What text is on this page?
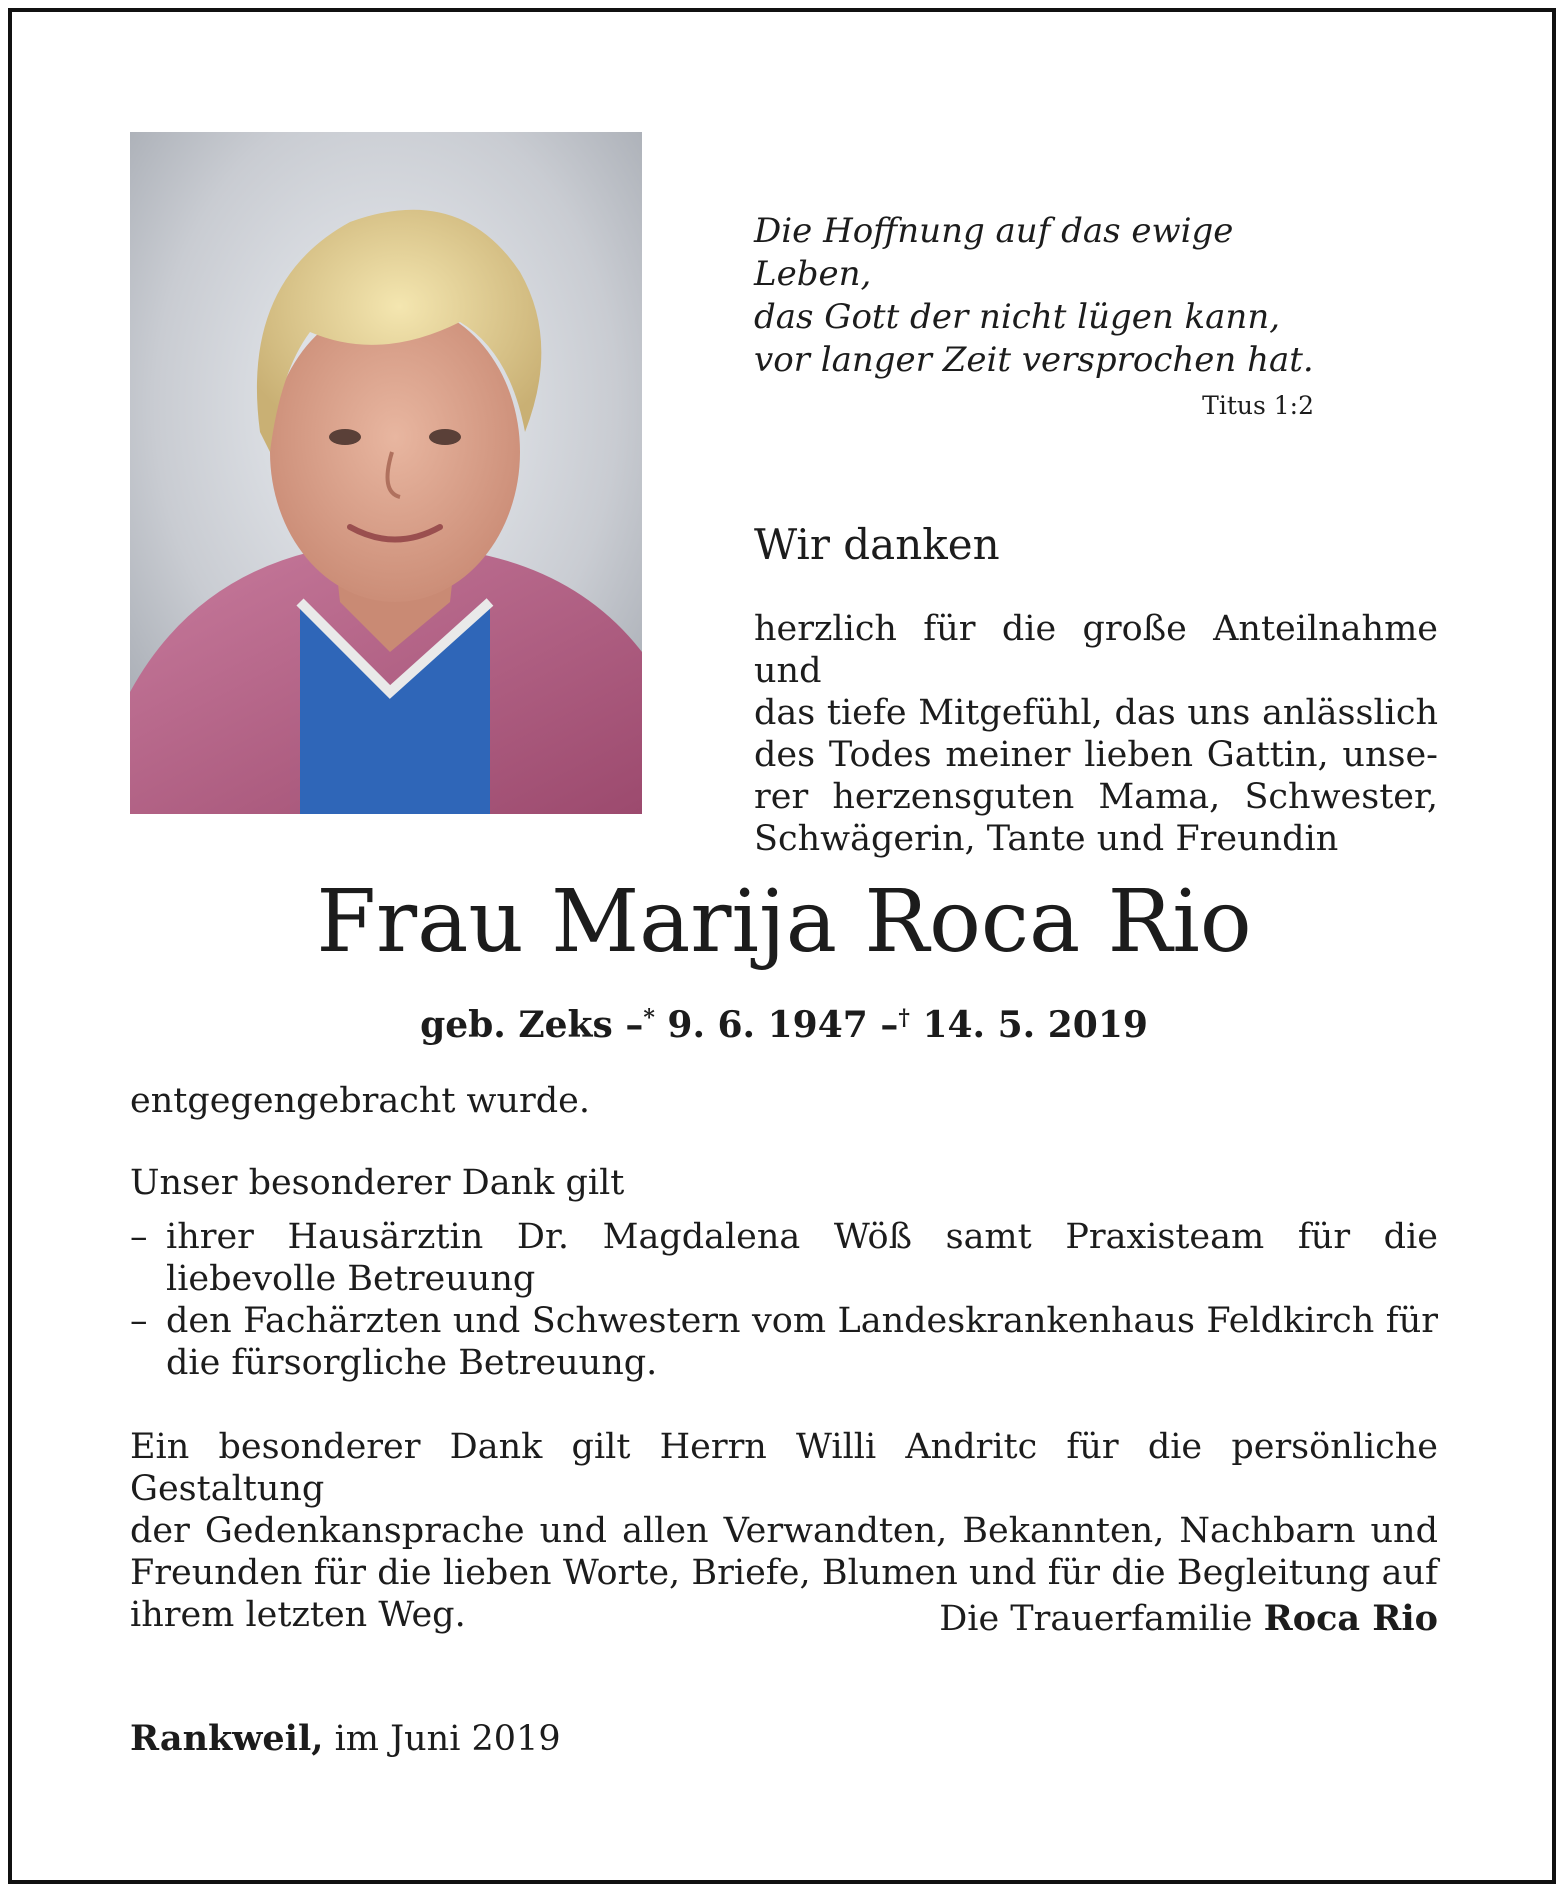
Die Hoffnung auf das ewige Leben,
das Gott der nicht lügen kann,
vor langer Zeit versprochen hat.
Titus 1:2
Wir danken
herzlich für die große Anteilnahme und
das tiefe Mitgefühl, das uns anlässlich
des Todes meiner lieben Gattin, unse-
rer herzensguten Mama, Schwester,
Schwägerin, Tante und Freundin
Frau Marija Roca Rio
geb. Zeks –* 9. 6. 1947 –† 14. 5. 2019
entgegengebracht wurde.
Unser besonderer Dank gilt
– ihrer Hausärztin Dr. Magdalena Wöß samt Praxisteam für die liebevolle Betreuung
– den Fachärzten und Schwestern vom Landeskrankenhaus Feldkirch für die fürsorgliche Betreuung.
Ein besonderer Dank gilt Herrn Willi Andritc für die persönliche Gestaltung
der Gedenkansprache und allen Verwandten, Bekannten, Nachbarn und
Freunden für die lieben Worte, Briefe, Blumen und für die Begleitung auf
ihrem letzten Weg.	Die Trauerfamilie Roca Rio
Rankweil, im Juni 2019
